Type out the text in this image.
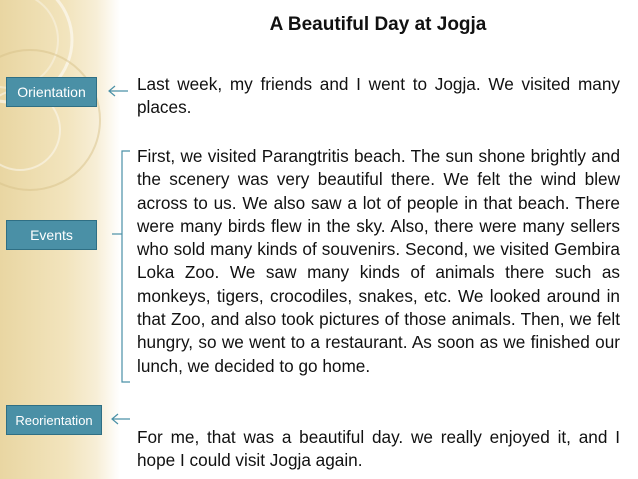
A Beautiful Day at Jogja
Orientation
Events
Reorientation

Last week, my friends and I went to Jogja. We visited many places.

First, we visited Parangtritis beach. The sun shone brightly and the scenery was very beautiful there. We felt the wind blew across to us. We also saw a lot of people in that beach. There were many birds flew in the sky. Also, there were many sellers who sold many kinds of souvenirs. Second, we visited Gembira Loka Zoo. We saw many kinds of animals there such as monkeys, tigers, crocodiles, snakes, etc. We looked around in that Zoo, and also took pictures of those animals. Then, we felt hungry, so we went to a restaurant. As soon as we finished our lunch, we decided to go home.

For me, that was a beautiful day. we really enjoyed it, and I hope I could visit Jogja again.
